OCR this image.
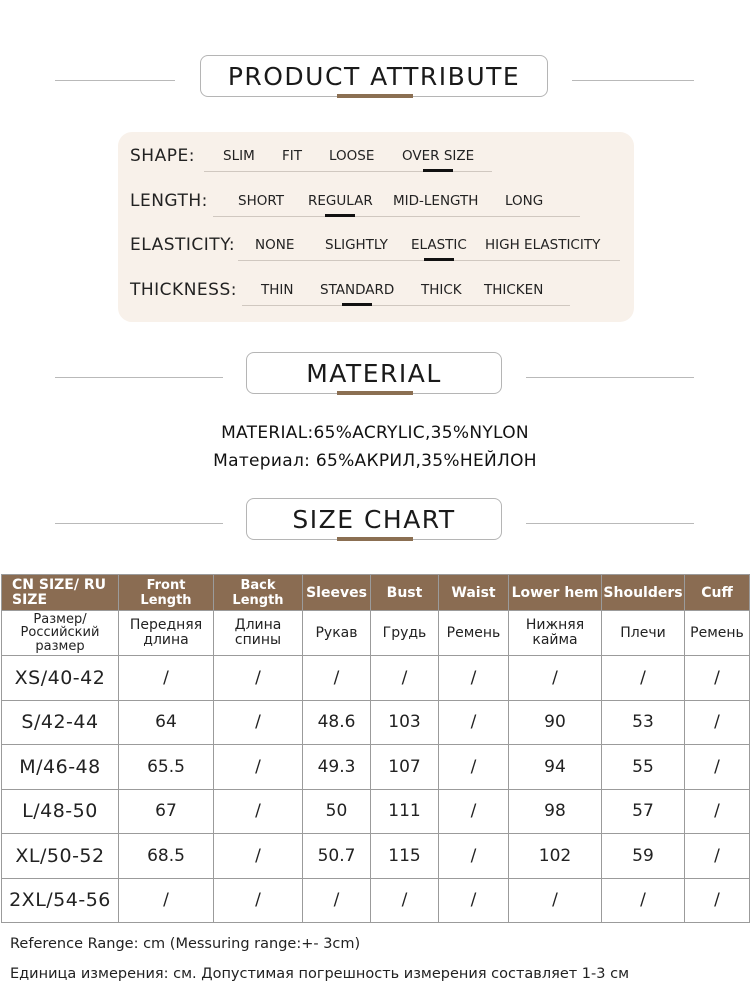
PRODUCT ATTRIBUTE
SHAPE: SLIM FIT LOOSE OVER SIZE
LENGTH: SHORT REGULAR MID-LENGTH LONG
ELASTICITY: NONE SLIGHTLY ELASTIC HIGH ELASTICITY
THICKNESS: THIN STANDARD THICK THICKEN
MATERIAL
MATERIAL:65%ACRYLIC,35%NYLON
Материал: 65%АКРИЛ,35%НЕЙЛОН
SIZE CHART
CN SIZE/ RU SIZE	Front Length	Back Length	Sleeves	Bust	Waist	Lower hem	Shoulders	Cuff
Размер/ Российский размер	Передняя длина	Длина спины	Рукав	Грудь	Ремень	Нижняя кайма	Плечи	Ремень
XS/40-42	/	/	/	/	/	/	/	/
S/42-44	64	/	48.6	103	/	90	53	/
M/46-48	65.5	/	49.3	107	/	94	55	/
L/48-50	67	/	50	111	/	98	57	/
XL/50-52	68.5	/	50.7	115	/	102	59	/
2XL/54-56	/	/	/	/	/	/	/	/
Reference Range: cm (Messuring range:+- 3cm)
Единица измерения: см. Допустимая погрешность измерения составляет 1-3 см
